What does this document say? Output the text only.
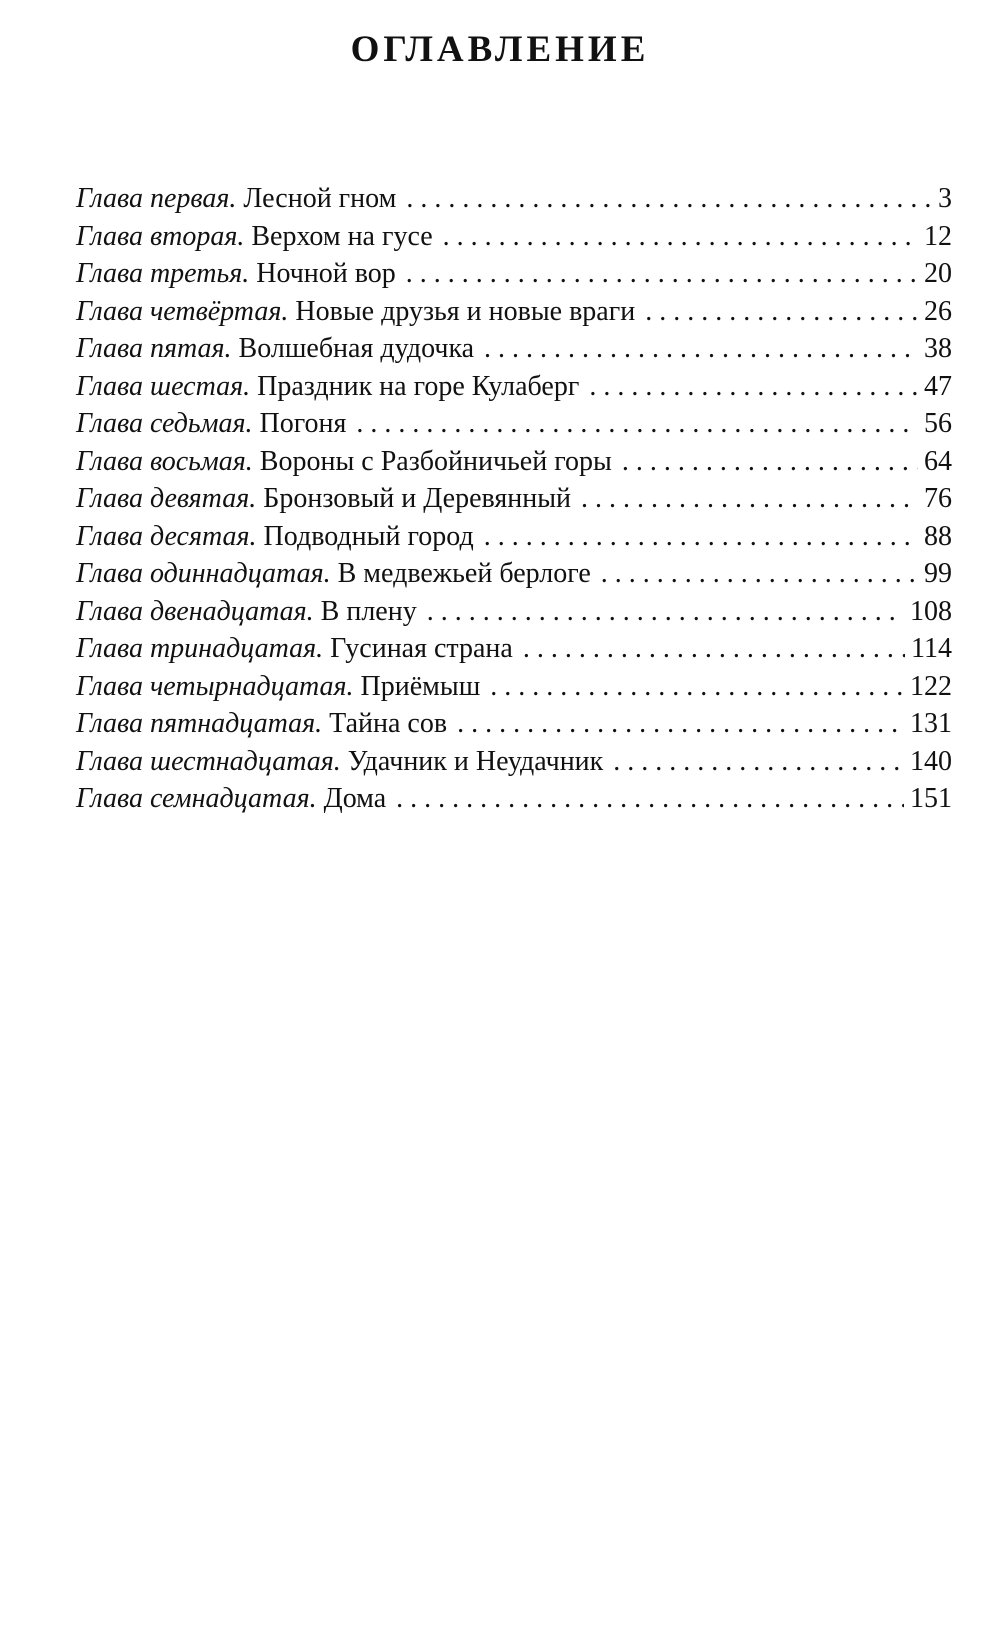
ОГЛАВЛЕНИЕ
Глава первая. Лесной гном . . .	3
Глава вторая. Верхом на гусе . . .	12
Глава третья. Ночной вор . . .	20
Глава четвёртая. Новые друзья и новые враги . . .	26
Глава пятая. Волшебная дудочка . . .	38
Глава шестая. Праздник на горе Кулаберг . . .	47
Глава седьмая. Погоня . . .	56
Глава восьмая. Вороны с Разбойничьей горы . . .	64
Глава девятая. Бронзовый и Деревянный . . .	76
Глава десятая. Подводный город . . .	88
Глава одиннадцатая. В медвежьей берлоге . . .	99
Глава двенадцатая. В плену . . .	108
Глава тринадцатая. Гусиная страна . . .	114
Глава четырнадцатая. Приёмыш . . .	122
Глава пятнадцатая. Тайна сов . . .	131
Глава шестнадцатая. Удачник и Неудачник . . .	140
Глава семнадцатая. Дома . . .	151
